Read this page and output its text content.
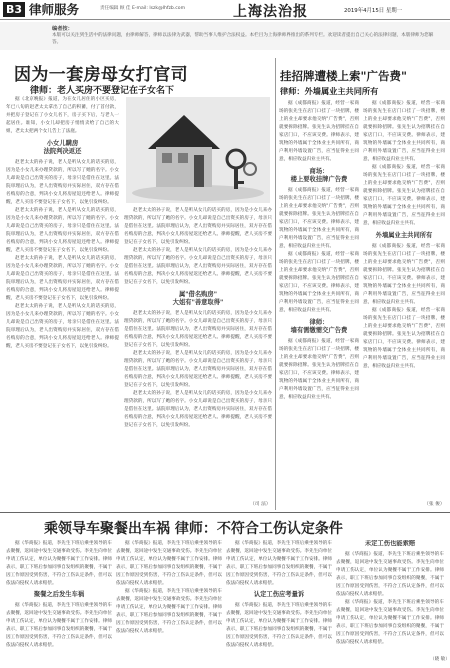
B3 律师服务	责任编辑 顾 佳 E-mail: lszk@lhfzb.com	上海法治报	2019年4月15日 星期一
编者按：
本版可以关注到生活中的法律问题，由律师解答，律师以法律为武器，帮助当事人维护合法权益。本栏目为上海律师界推出的系列专栏。欢迎读者提出自己关心的法律问题，本版律师为您解答。
因为一套房母女打官司
律师：老人买房不要登记在子女名下

据《北京晚报》报道，为在女儿居住的小区买房，年已八旬的赵老太太拿出了自己的积蓄，付了首付款，并把房子登记在了小女儿名下，房子买下后，与老人一起居住。谁知，小女儿却把房子悄悄卖给了自己的大姐，老太太把两个女儿告上了法庭。

小女儿瞒房
法院判决返还

赵老太太的孙子说，老人是听从女儿的话买的房，因为是小女儿来办理贷款的，所以写了她的名字。小女儿却说是自己出资买的房子，母亲只是借住在这里。法院审理后认为，老人出资购房并实际居住，双方存在借名购房的合意，判决小女儿将房屋返还给老人。律师提醒，老人买房不要登记在子女名下，以免引发纠纷。

赵老太太的孙子说，老人是听从女儿的话买的房，因为是小女儿来办理贷款的，所以写了她的名字。小女儿却说是自己出资买的房子，母亲只是借住在这里。法院审理后认为，老人出资购房并实际居住，双方存在借名购房的合意，判决小女儿将房屋返还给老人。律师提醒，老人买房不要登记在子女名下，以免引发纠纷。

赵老太太的孙子说，老人是听从女儿的话买的房，因为是小女儿来办理贷款的，所以写了她的名字。小女儿却说是自己出资买的房子，母亲只是借住在这里。法院审理后认为，老人出资购房并实际居住，双方存在借名购房的合意，判决小女儿将房屋返还给老人。律师提醒，老人买房不要登记在子女名下，以免引发纠纷。

赵老太太的孙子说，老人是听从女儿的话买的房，因为是小女儿来办理贷款的，所以写了她的名字。小女儿却说是自己出资买的房子，母亲只是借住在这里。法院审理后认为，老人出资购房并实际居住，双方存在借名购房的合意，判决小女儿将房屋返还给老人。律师提醒，老人买房不要登记在子女名下，以免引发纠纷。

赵老太太的孙子说，老人是听从女儿的话买的房，因为是小女儿来办理贷款的，所以写了她的名字。小女儿却说是自己出资买的房子，母亲只是借住在这里。法院审理后认为，老人出资购房并实际居住，双方存在借名购房的合意，判决小女儿将房屋返还给老人。律师提醒，老人买房不要登记在子女名下，以免引发纠纷。

赵老太太的孙子说，老人是听从女儿的话买的房，因为是小女儿来办理贷款的，所以写了她的名字。小女儿却说是自己出资买的房子，母亲只是借住在这里。法院审理后认为，老人出资购房并实际居住，双方存在借名购房的合意，判决小女儿将房屋返还给老人。律师提醒，老人买房不要登记在子女名下，以免引发纠纷。

属"借名购房"
大姐有"善意取得"

赵老太太的孙子说，老人是听从女儿的话买的房，因为是小女儿来办理贷款的，所以写了她的名字。小女儿却说是自己出资买的房子，母亲只是借住在这里。法院审理后认为，老人出资购房并实际居住，双方存在借名购房的合意，判决小女儿将房屋返还给老人。律师提醒，老人买房不要登记在子女名下，以免引发纠纷。

赵老太太的孙子说，老人是听从女儿的话买的房，因为是小女儿来办理贷款的，所以写了她的名字。小女儿却说是自己出资买的房子，母亲只是借住在这里。法院审理后认为，老人出资购房并实际居住，双方存在借名购房的合意，判决小女儿将房屋返还给老人。律师提醒，老人买房不要登记在子女名下，以免引发纠纷。

赵老太太的孙子说，老人是听从女儿的话买的房，因为是小女儿来办理贷款的，所以写了她的名字。小女儿却说是自己出资买的房子，母亲只是借住在这里。法院审理后认为，老人出资购房并实际居住，双方存在借名购房的合意，判决小女儿将房屋返还给老人。律师提醒，老人买房不要登记在子女名下，以免引发纠纷。

（司 法）
挂招牌遭楼上索"广告费"
律师：外墙属业主共同所有

据《成都商报》报道，经营一家商场的张先生在店门口挂了一块招牌，楼上的业主却要求他交纳"广告费"，否则就要拆除招牌。张先生认为招牌挂在自家店门口，不应该交费。律师表示，建筑物的外墙属于全体业主共同所有，商户利用外墙设置广告，应当征得业主同意，相应收益归业主共有。

商场：
楼上要收挂牌广告费

据《成都商报》报道，经营一家商场的张先生在店门口挂了一块招牌，楼上的业主却要求他交纳"广告费"，否则就要拆除招牌。张先生认为招牌挂在自家店门口，不应该交费。律师表示，建筑物的外墙属于全体业主共同所有，商户利用外墙设置广告，应当征得业主同意，相应收益归业主共有。

据《成都商报》报道，经营一家商场的张先生在店门口挂了一块招牌，楼上的业主却要求他交纳"广告费"，否则就要拆除招牌。张先生认为招牌挂在自家店门口，不应该交费。律师表示，建筑物的外墙属于全体业主共同所有，商户利用外墙设置广告，应当征得业主同意，相应收益归业主共有。

律师：
墙有需缴需交广告费

据《成都商报》报道，经营一家商场的张先生在店门口挂了一块招牌，楼上的业主却要求他交纳"广告费"，否则就要拆除招牌。张先生认为招牌挂在自家店门口，不应该交费。律师表示，建筑物的外墙属于全体业主共同所有，商户利用外墙设置广告，应当征得业主同意，相应收益归业主共有。

据《成都商报》报道，经营一家商场的张先生在店门口挂了一块招牌，楼上的业主却要求他交纳"广告费"，否则就要拆除招牌。张先生认为招牌挂在自家店门口，不应该交费。律师表示，建筑物的外墙属于全体业主共同所有，商户利用外墙设置广告，应当征得业主同意，相应收益归业主共有。

据《成都商报》报道，经营一家商场的张先生在店门口挂了一块招牌，楼上的业主却要求他交纳"广告费"，否则就要拆除招牌。张先生认为招牌挂在自家店门口，不应该交费。律师表示，建筑物的外墙属于全体业主共同所有，商户利用外墙设置广告，应当征得业主同意，相应收益归业主共有。

外墙属业主共同所有

据《成都商报》报道，经营一家商场的张先生在店门口挂了一块招牌，楼上的业主却要求他交纳"广告费"，否则就要拆除招牌。张先生认为招牌挂在自家店门口，不应该交费。律师表示，建筑物的外墙属于全体业主共同所有，商户利用外墙设置广告，应当征得业主同意，相应收益归业主共有。

据《成都商报》报道，经营一家商场的张先生在店门口挂了一块招牌，楼上的业主却要求他交纳"广告费"，否则就要拆除招牌。张先生认为招牌挂在自家店门口，不应该交费。律师表示，建筑物的外墙属于全体业主共同所有，商户利用外墙设置广告，应当征得业主同意，相应收益归业主共有。

（张 俊）
乘领导车聚餐出车祸 律师：不符合工伤认定条件

据《华商报》报道，李先生下班后乘坐领导的车去聚餐，返回途中发生交通事故受伤。李先生向单位申请工伤认定，单位认为聚餐不属于工作安排。律师表示，职工下班后参加同事自发组织的聚餐，不属于因工作原因受到伤害，不符合工伤认定条件，但可以依法向侵权人请求赔偿。

聚餐之后发生车祸

据《华商报》报道，李先生下班后乘坐领导的车去聚餐，返回途中发生交通事故受伤。李先生向单位申请工伤认定，单位认为聚餐不属于工作安排。律师表示，职工下班后参加同事自发组织的聚餐，不属于因工作原因受到伤害，不符合工伤认定条件，但可以依法向侵权人请求赔偿。

据《华商报》报道，李先生下班后乘坐领导的车去聚餐，返回途中发生交通事故受伤。李先生向单位申请工伤认定，单位认为聚餐不属于工作安排。律师表示，职工下班后参加同事自发组织的聚餐，不属于因工作原因受到伤害，不符合工伤认定条件，但可以依法向侵权人请求赔偿。

据《华商报》报道，李先生下班后乘坐领导的车去聚餐，返回途中发生交通事故受伤。李先生向单位申请工伤认定，单位认为聚餐不属于工作安排。律师表示，职工下班后参加同事自发组织的聚餐，不属于因工作原因受到伤害，不符合工伤认定条件，但可以依法向侵权人请求赔偿。

据《华商报》报道，李先生下班后乘坐领导的车去聚餐，返回途中发生交通事故受伤。李先生向单位申请工伤认定，单位认为聚餐不属于工作安排。律师表示，职工下班后参加同事自发组织的聚餐，不属于因工作原因受到伤害，不符合工伤认定条件，但可以依法向侵权人请求赔偿。

认定工伤应考量诉

据《华商报》报道，李先生下班后乘坐领导的车去聚餐，返回途中发生交通事故受伤。李先生向单位申请工伤认定，单位认为聚餐不属于工作安排。律师表示，职工下班后参加同事自发组织的聚餐，不属于因工作原因受到伤害，不符合工伤认定条件，但可以依法向侵权人请求赔偿。

未定工伤也能索赔

据《华商报》报道，李先生下班后乘坐领导的车去聚餐，返回途中发生交通事故受伤。李先生向单位申请工伤认定，单位认为聚餐不属于工作安排。律师表示，职工下班后参加同事自发组织的聚餐，不属于因工作原因受到伤害，不符合工伤认定条件，但可以依法向侵权人请求赔偿。

据《华商报》报道，李先生下班后乘坐领导的车去聚餐，返回途中发生交通事故受伤。李先生向单位申请工伤认定，单位认为聚餐不属于工作安排。律师表示，职工下班后参加同事自发组织的聚餐，不属于因工作原因受到伤害，不符合工伤认定条件，但可以依法向侵权人请求赔偿。

（晓 敏）
